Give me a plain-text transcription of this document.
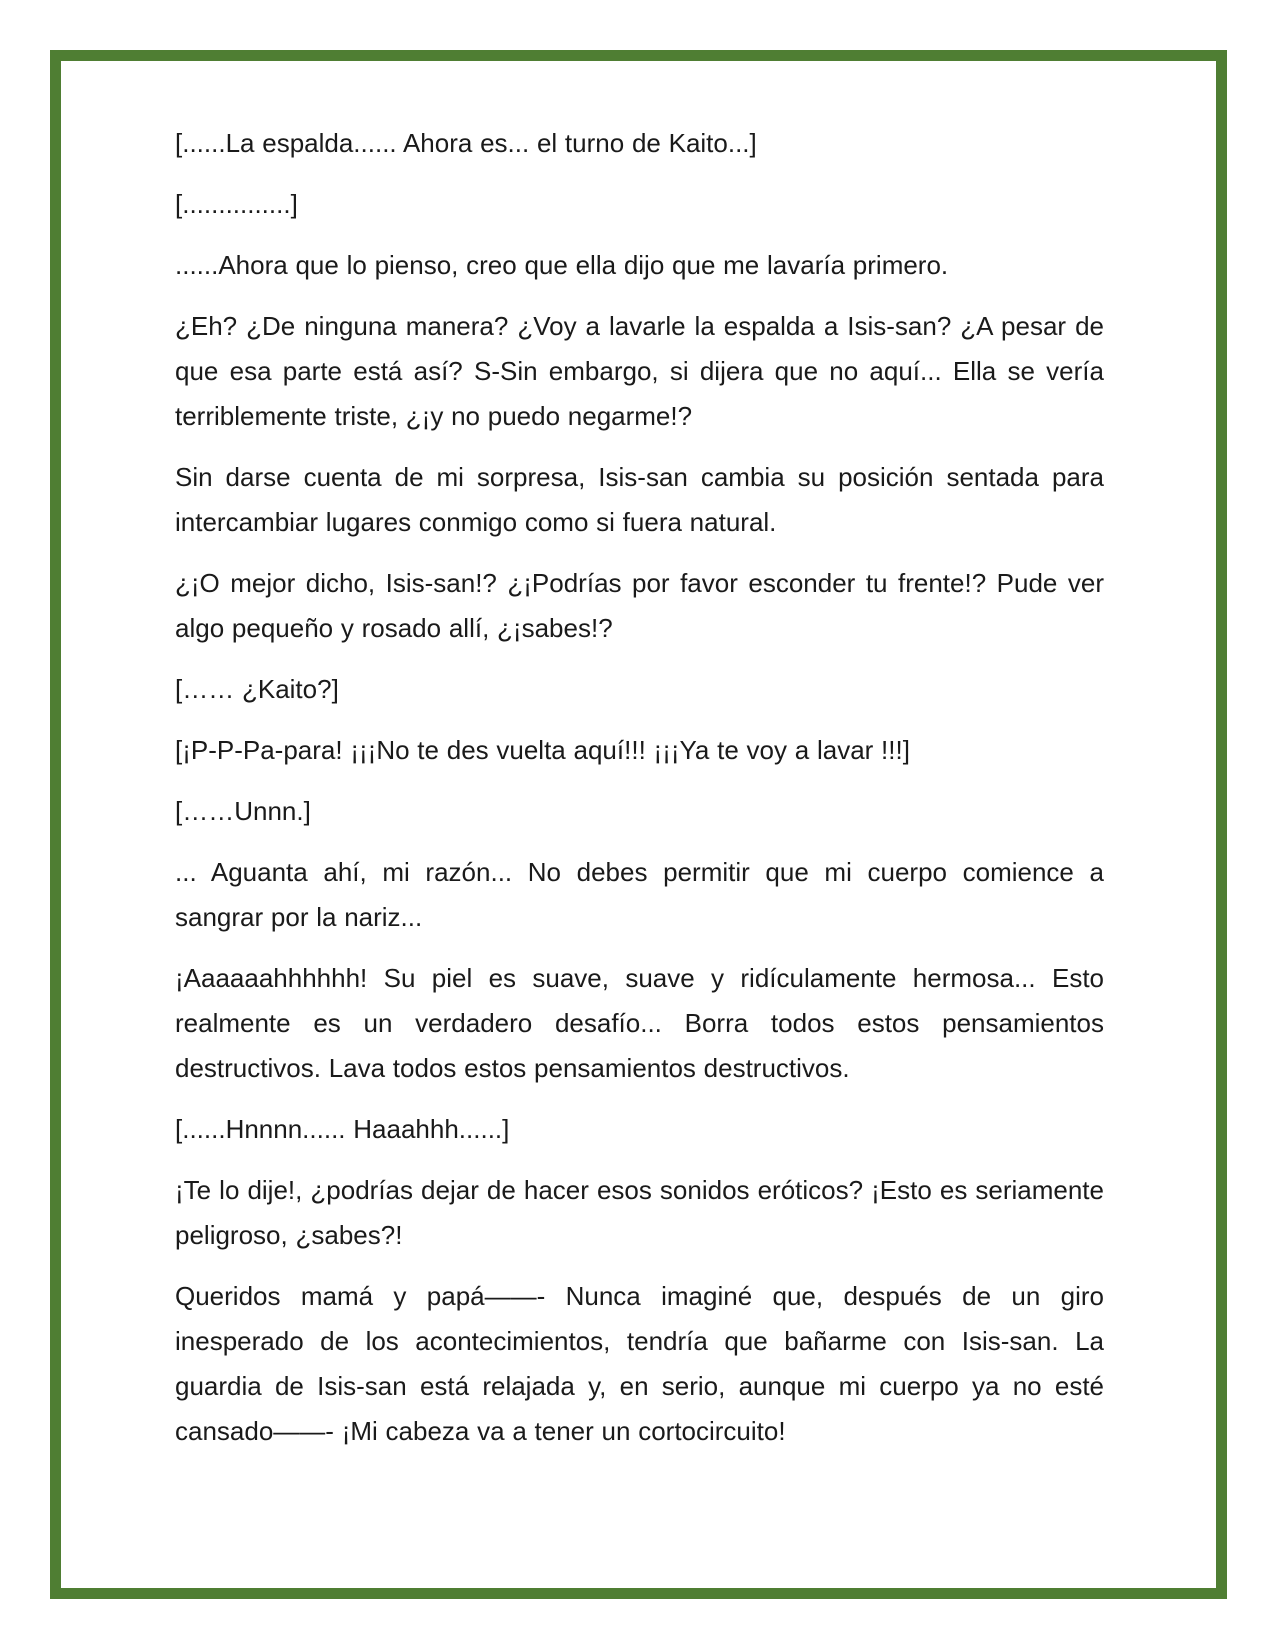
[......La espalda...... Ahora es... el turno de Kaito...]

[...............]

......Ahora que lo pienso, creo que ella dijo que me lavaría primero.

¿Eh? ¿De ninguna manera? ¿Voy a lavarle la espalda a Isis-san? ¿A pesar de que esa parte está así? S-Sin embargo, si dijera que no aquí... Ella se vería terriblemente triste, ¿¡y no puedo negarme!?

Sin darse cuenta de mi sorpresa, Isis-san cambia su posición sentada para intercambiar lugares conmigo como si fuera natural.

¿¡O mejor dicho, Isis-san!? ¿¡Podrías por favor esconder tu frente!? Pude ver algo pequeño y rosado allí, ¿¡sabes!?

[…… ¿Kaito?]

[¡P-P-Pa-para! ¡¡¡No te des vuelta aquí!!! ¡¡¡Ya te voy a lavar !!!]

[……Unnn.]

... Aguanta ahí, mi razón... No debes permitir que mi cuerpo comience a sangrar por la nariz...

¡Aaaaaahhhhhh! Su piel es suave, suave y ridículamente hermosa... Esto realmente es un verdadero desafío... Borra todos estos pensamientos destructivos. Lava todos estos pensamientos destructivos.

[......Hnnnn...... Haaahhh......]

¡Te lo dije!, ¿podrías dejar de hacer esos sonidos eróticos? ¡Esto es seriamente peligroso, ¿sabes?!

Queridos mamá y papá——- Nunca imaginé que, después de un giro inesperado de los acontecimientos, tendría que bañarme con Isis-san. La guardia de Isis-san está relajada y, en serio, aunque mi cuerpo ya no esté cansado——- ¡Mi cabeza va a tener un cortocircuito!
